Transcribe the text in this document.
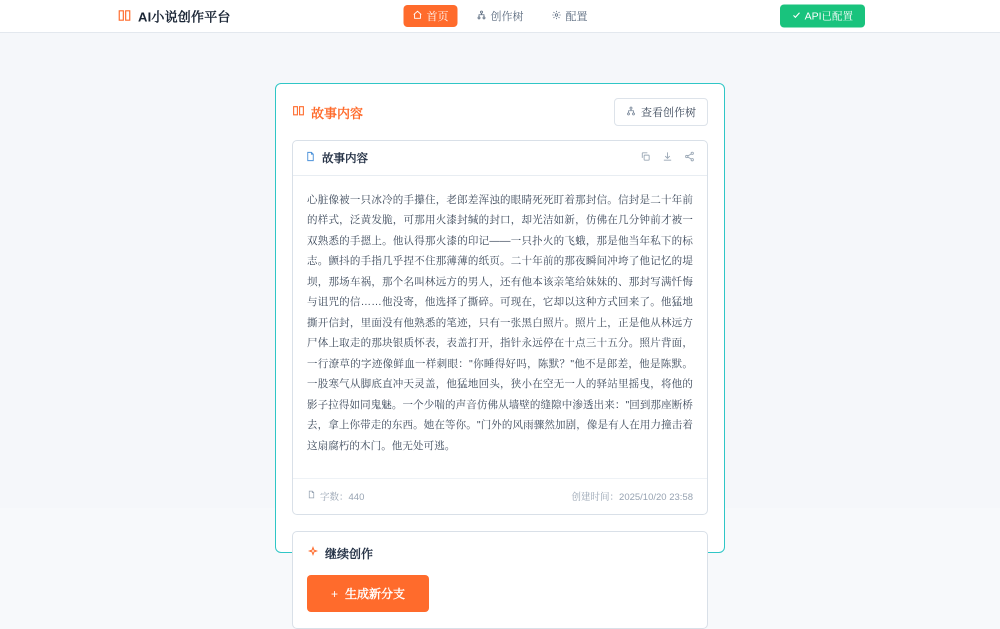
AI小说创作平台	首页	创作树	配置	API已配置
故事内容	查看创作树
故事内容
心脏像被一只冰冷的手攥住，老郎差浑浊的眼睛死死盯着那封信。信封是二十年前的样式，泛黄发脆，可那用火漆封缄的封口，却光洁如新，仿佛在几分钟前才被一双熟悉的手摁上。他认得那火漆的印记——一只扑火的飞蛾，那是他当年私下的标志。颤抖的手指几乎捏不住那薄薄的纸页。二十年前的那夜瞬间冲垮了他记忆的堤坝，那场车祸，那个名叫林远方的男人，还有他本该亲笔给妹妹的、那封写满忏悔与诅咒的信……他没寄，他选择了撕碎。可现在，它却以这种方式回来了。他猛地撕开信封，里面没有他熟悉的笔迹，只有一张黑白照片。照片上，正是他从林远方尸体上取走的那块银质怀表，表盖打开，指针永远停在十点三十五分。照片背面，一行潦草的字迹像鲜血一样刺眼："你睡得好吗，陈默？"他不是郎差，他是陈默。一股寒气从脚底直冲天灵盖，他猛地回头，狭小在空无一人的驿站里摇曳，将他的影子拉得如同鬼魅。一个少喘的声音仿佛从墙壁的缝隙中渗透出来："回到那座断桥去，拿上你带走的东西。她在等你。"门外的风雨骤然加剧，像是有人在用力撞击着这扇腐朽的木门。他无处可逃。
字数：440	创建时间：2025/10/20 23:58
继续创作
+ 生成新分支
